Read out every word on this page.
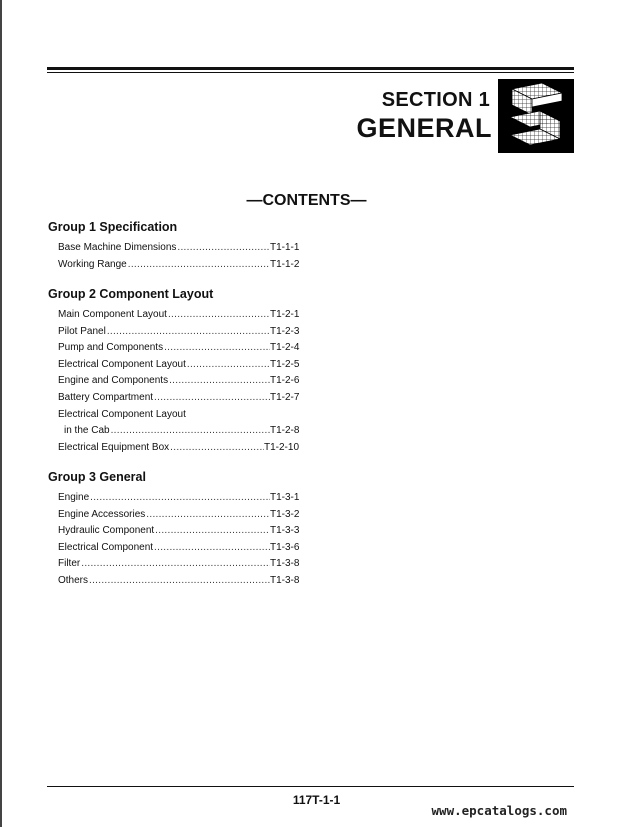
SECTION 1
GENERAL
—CONTENTS—
Group 1 Specification
Base Machine Dimensions .....	T1-1-1
Working Range .....	T1-1-2
Group 2 Component Layout
Main Component Layout .....	T1-2-1
Pilot Panel .....	T1-2-3
Pump and Components .....	T1-2-4
Electrical Component Layout .....	T1-2-5
Engine and Components .....	T1-2-6
Battery Compartment .....	T1-2-7
Electrical Component Layout
in the Cab .....	T1-2-8
Electrical Equipment Box .....	T1-2-10
Group 3 General
Engine .....	T1-3-1
Engine Accessories .....	T1-3-2
Hydraulic Component .....	T1-3-3
Electrical Component .....	T1-3-6
Filter .....	T1-3-8
Others .....	T1-3-8
117T-1-1
www.epcatalogs.com
